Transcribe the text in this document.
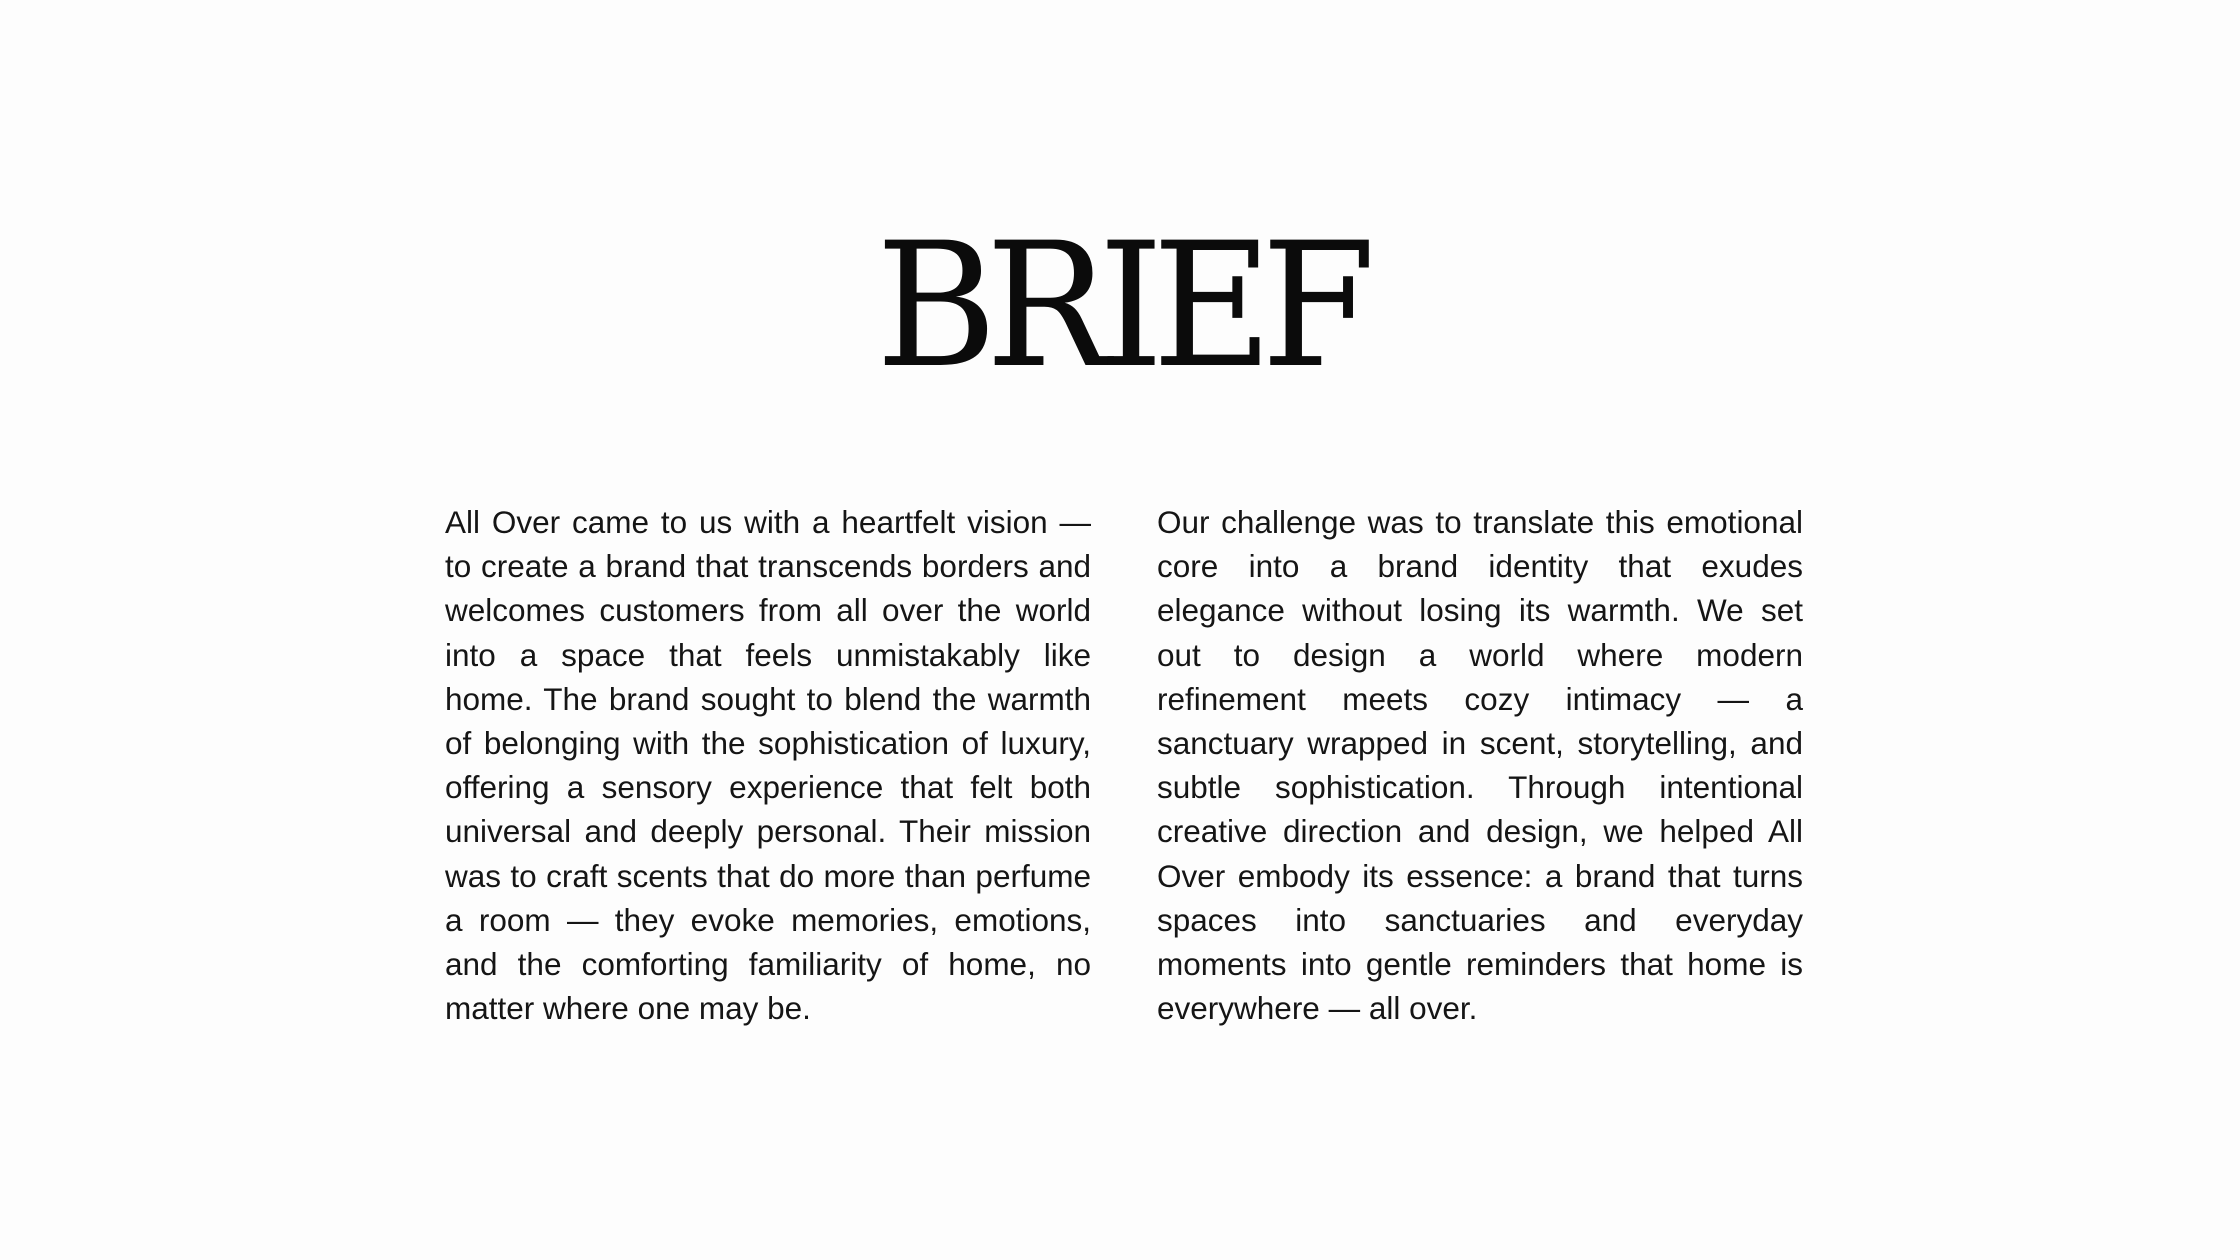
BRIEF

All Over came to us with a heartfelt vision — to create a brand that transcends borders and welcomes customers from all over the world into a space that feels unmistakably like home. The brand sought to blend the warmth of belonging with the sophistication of luxury, offering a sensory experience that felt both universal and deeply personal. Their mission was to craft scents that do more than perfume a room — they evoke memories, emotions, and the comforting familiarity of home, no matter where one may be.

Our challenge was to translate this emotional core into a brand identity that exudes elegance without losing its warmth. We set out to design a world where modern refinement meets cozy intimacy — a sanctuary wrapped in scent, storytelling, and subtle sophistication. Through intentional creative direction and design, we helped All Over embody its essence: a brand that turns spaces into sanctuaries and everyday moments into gentle reminders that home is everywhere — all over.
